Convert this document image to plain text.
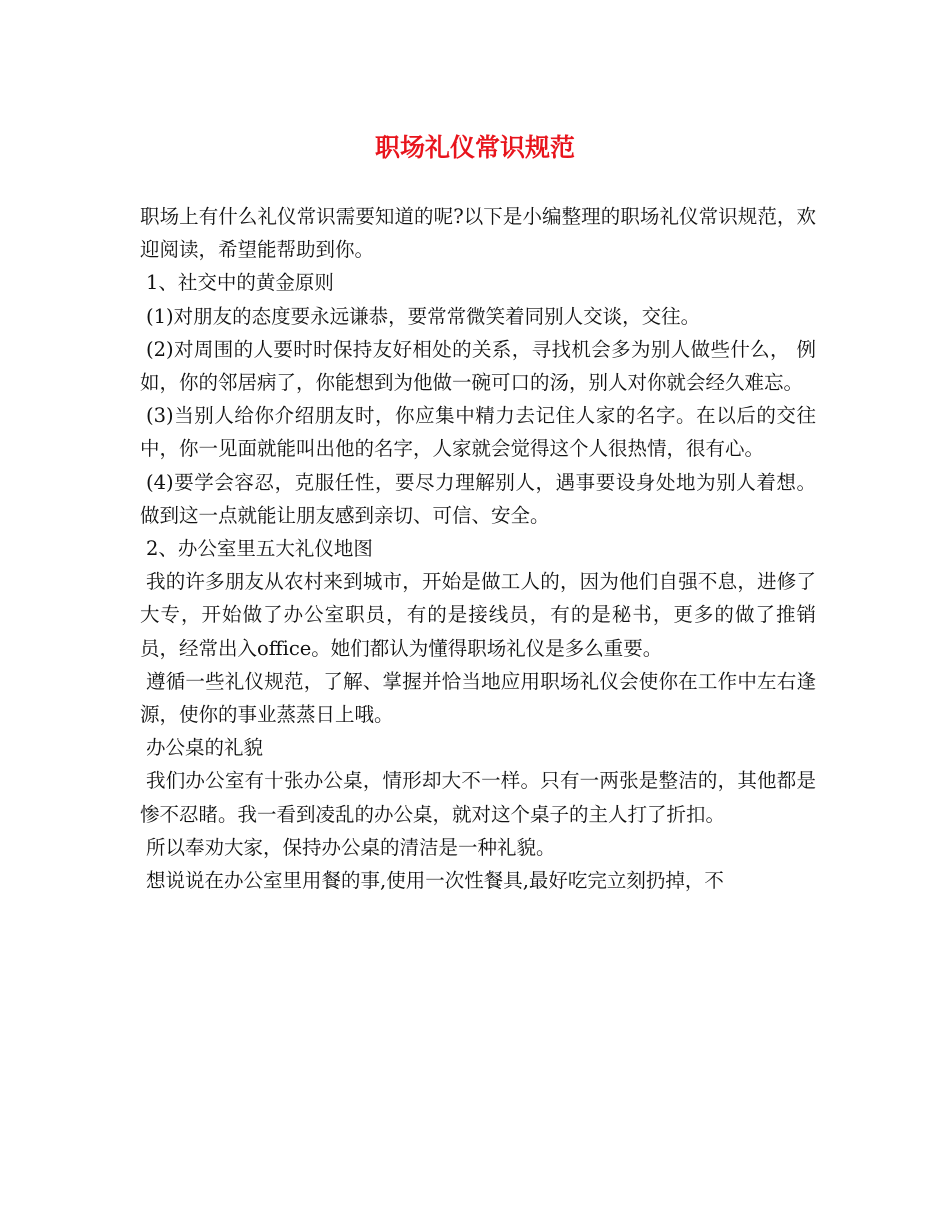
职场礼仪常识规范

职场上有什么礼仪常识需要知道的呢?以下是小编整理的职场礼仪常识规范，欢迎阅读，希望能帮助到你。

1、社交中的黄金原则

(1)对朋友的态度要永远谦恭，要常常微笑着同别人交谈，交往。

(2)对周围的人要时时保持友好相处的关系，寻找机会多为别人做些什么， 例如，你的邻居病了，你能想到为他做一碗可口的汤，别人对你就会经久难忘。

(3)当别人给你介绍朋友时，你应集中精力去记住人家的名字。在以后的交往中，你一见面就能叫出他的名字，人家就会觉得这个人很热情，很有心。

(4)要学会容忍，克服任性，要尽力理解别人，遇事要设身处地为别人着想。做到这一点就能让朋友感到亲切、可信、安全。

2、办公室里五大礼仪地图

我的许多朋友从农村来到城市，开始是做工人的，因为他们自强不息，进修了大专，开始做了办公室职员，有的是接线员，有的是秘书，更多的做了推销员，经常出入office。她们都认为懂得职场礼仪是多么重要。

遵循一些礼仪规范，了解、掌握并恰当地应用职场礼仪会使你在工作中左右逢源，使你的事业蒸蒸日上哦。

办公桌的礼貌

我们办公室有十张办公桌，情形却大不一样。只有一两张是整洁的，其他都是惨不忍睹。我一看到凌乱的办公桌，就对这个桌子的主人打了折扣。

所以奉劝大家，保持办公桌的清洁是一种礼貌。

想说说在办公室里用餐的事,使用一次性餐具,最好吃完立刻扔掉，不
